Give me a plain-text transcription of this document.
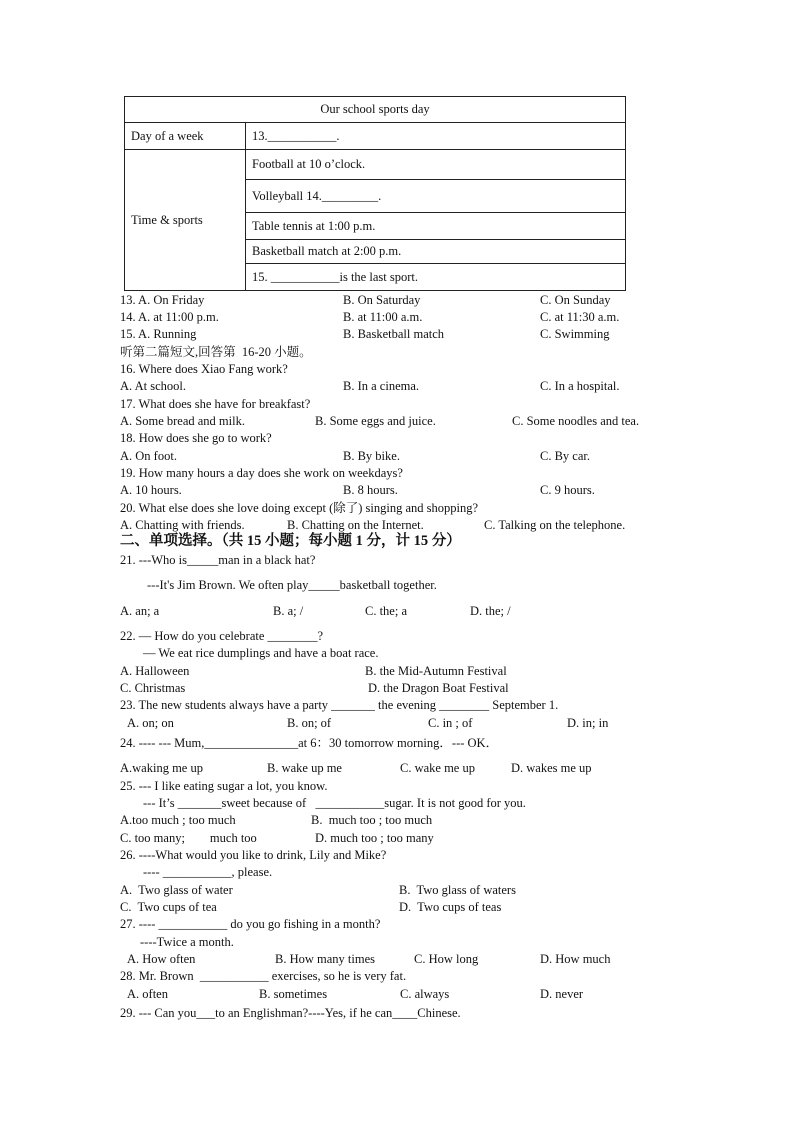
Our school sports day	
Day of a week	13.___________.
Time & sports	Football at 10 o’clock.
	Volleyball 14._________.
	Table tennis at 1:00 p.m.
	Basketball match at 2:00 p.m.
	15. ___________is the last sport.
13. A. On Friday	B. On Saturday	C. On Sunday
14. A. at 11:00 p.m.	B. at 11:00 a.m.	C. at 11:30 a.m.
15. A. Running	B. Basketball match	C. Swimming
听第二篇短文,回答第  16-20 小题。
16. Where does Xiao Fang work?
A. At school.	B. In a cinema.	C. In a hospital.
17. What does she have for breakfast?
A. Some bread and milk.	B. Some eggs and juice.	C. Some noodles and tea.
18. How does she go to work?
A. On foot.	B. By bike.	C. By car.
19. How many hours a day does she work on weekdays?
A. 10 hours.	B. 8 hours.	C. 9 hours.
20. What else does she love doing except (除了) singing and shopping?
A. Chatting with friends.	B. Chatting on the Internet.	C. Talking on the telephone.
二、单项选择。（共 15 小题；每小题 1 分，计 15 分）
21. ---Who is_____man in a black hat?
---It's Jim Brown. We often play_____basketball together.
A. an; a	B. a; /	C. the; a	D. the; /
22. — How do you celebrate ________?
— We eat rice dumplings and have a boat race.
A. Halloween	B. the Mid-Autumn Festival
C. Christmas	D. the Dragon Boat Festival
23. The new students always have a party _______ the evening ________ September 1.
A. on; on	B. on; of	C. in ; of	D. in; in
24. ---- --- Mum,_______________at 6：30 tomorrow morning．--- OK．
A.waking me up	B. wake up me	C. wake me up	D. wakes me up
25. --- I like eating sugar a lot, you know.
--- It’s _______sweet because of   ___________sugar. It is not good for you.
A.too much ; too much	B.  much too ; too much
C. too many;        much too	D. much too ; too many
26. ----What would you like to drink, Lily and Mike?
---- ___________, please.
A.  Two glass of water	B.  Two glass of waters
C.  Two cups of tea	D.  Two cups of teas
27. ---- ___________ do you go fishing in a month?
----Twice a month.
A. How often	B. How many times	C. How long	D. How much
28. Mr. Brown  ___________ exercises, so he is very fat.
A. often	B. sometimes	C. always	D. never
29. --- Can you___to an Englishman?----Yes, if he can____Chinese.
